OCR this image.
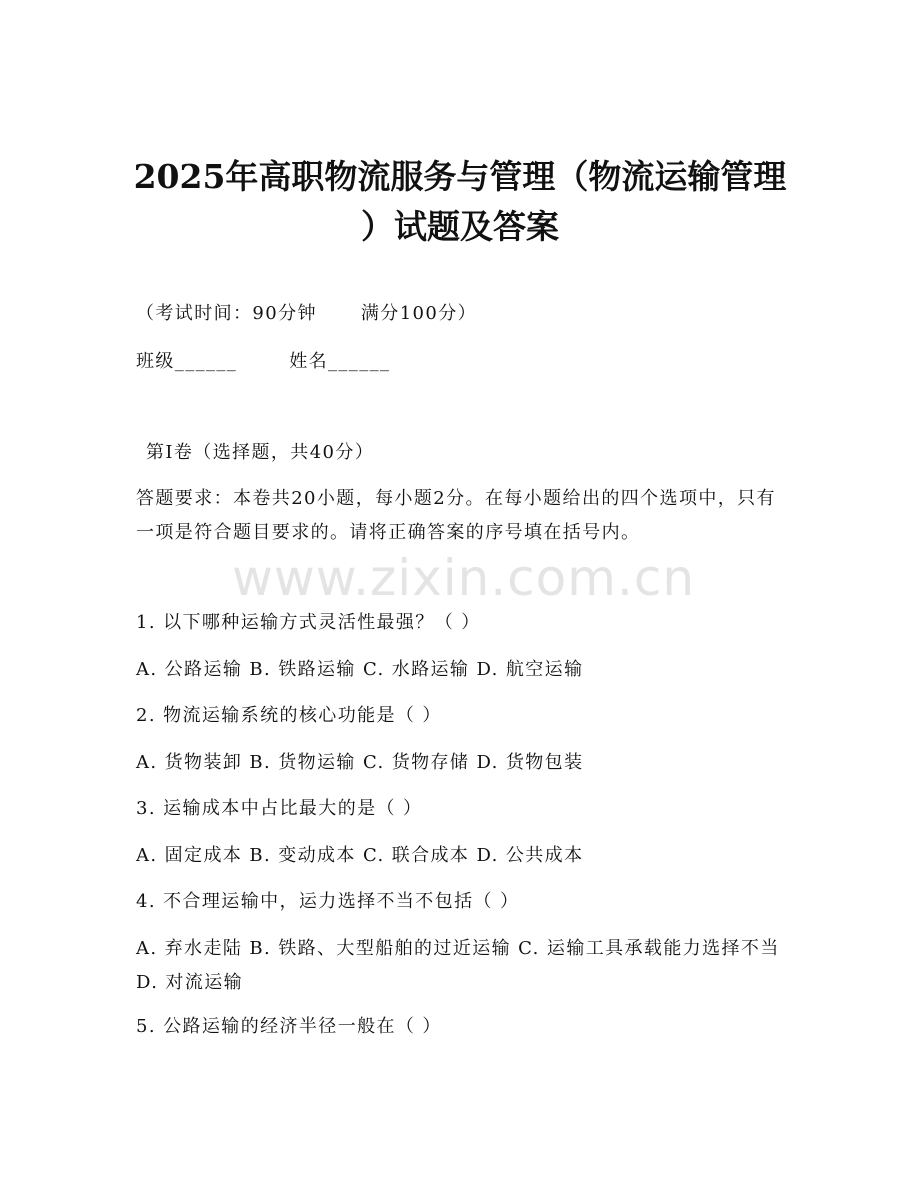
2025年高职物流服务与管理（物流运输管理
）试题及答案
（考试时间：90分钟 满分100分）
班级______	姓名______
第I卷（选择题，共40分）
答题要求：本卷共20小题，每小题2分。在每小题给出的四个选项中，只有一项是符合题目要求的。请将正确答案的序号填在括号内。
www.zixin.com.cn
1. 以下哪种运输方式灵活性最强？（ ）
A. 公路运输 B. 铁路运输 C. 水路运输 D. 航空运输
2. 物流运输系统的核心功能是（ ）
A. 货物装卸 B. 货物运输 C. 货物存储 D. 货物包装
3. 运输成本中占比最大的是（ ）
A. 固定成本 B. 变动成本 C. 联合成本 D. 公共成本
4. 不合理运输中，运力选择不当不包括（ ）
A. 弃水走陆 B. 铁路、大型船舶的过近运输 C. 运输工具承载能力选择不当 D. 对流运输
5. 公路运输的经济半径一般在（ ）
